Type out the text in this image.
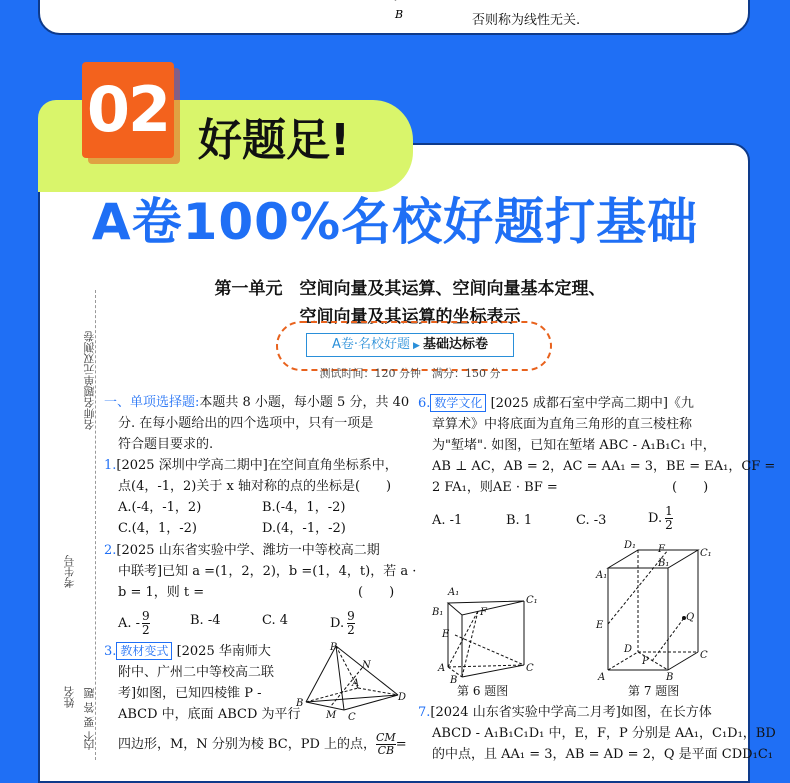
B	否则称为线性无关.
02 好题足!
A卷100%名校好题打基础
名师名题单元双测卷
考生号
姓名 不 要 答 题
内
第一单元　空间向量及其运算、空间向量基本定理、
空间向量及其运算的坐标表示
A卷·名校好题 ▶ 基础达标卷
测试时间：120 分钟　满分：150 分
一、单项选择题:本题共 8 小题，每小题 5 分，共 40
分. 在每小题给出的四个选项中，只有一项是
符合题目要求的.
1.[2025 深圳中学高二期中]在空间直角坐标系中，
点(4，-1，2)关于 x 轴对称的点的坐标是(　　)
A.(-4，-1，2)	B.(-4，1，-2)
C.(4，1，-2)	D.(4，-1，-2)
2.[2025 山东省实验中学、潍坊一中等校高二期
中联考]已知 a =(1，2，2)，b =(1，4，t)，若 a ·
b = 1，则 t =	(　　)
A. - $\frac{9}{2}$	B. -4	C. 4	D. $\frac{9}{2}$
3. 教材变式 [2025 华南师大
附中、广州二中等校高二联
考]如图，已知四棱锥 P -
ABCD 中，底面 ABCD 为平行
四边形，M，N 分别为棱 BC，PD 上的点， $\frac{CM}{CB}$ =
P
N
B
M C
D
A
6. 数学文化 [2025 成都石室中学高二期中]《九
章算术》中将底面为直角三角形的直三棱柱称
为"堑堵". 如图，已知在堑堵 ABC - A₁B₁C₁ 中，
AB ⊥ AC，AB = 2，AC = AA₁ = 3，BE = EA₁，CF =
2 FA₁，则AE · BF =	(　　)
A. -1	B. 1	C. -3	D. $\frac{1}{2}$
A₁
C₁
B₁	F
E
A	C
B
第 6 题图
D₁ F	C₁
A₁
B₁
E
Q
D
P
A	B
C
第 7 题图
7.[2024 山东省实验中学高二月考]如图，在长方体
ABCD - A₁B₁C₁D₁ 中，E，F，P 分别是 AA₁，C₁D₁，BD
的中点，且 AA₁ = 3，AB = AD = 2，Q 是平面 CDD₁C₁
